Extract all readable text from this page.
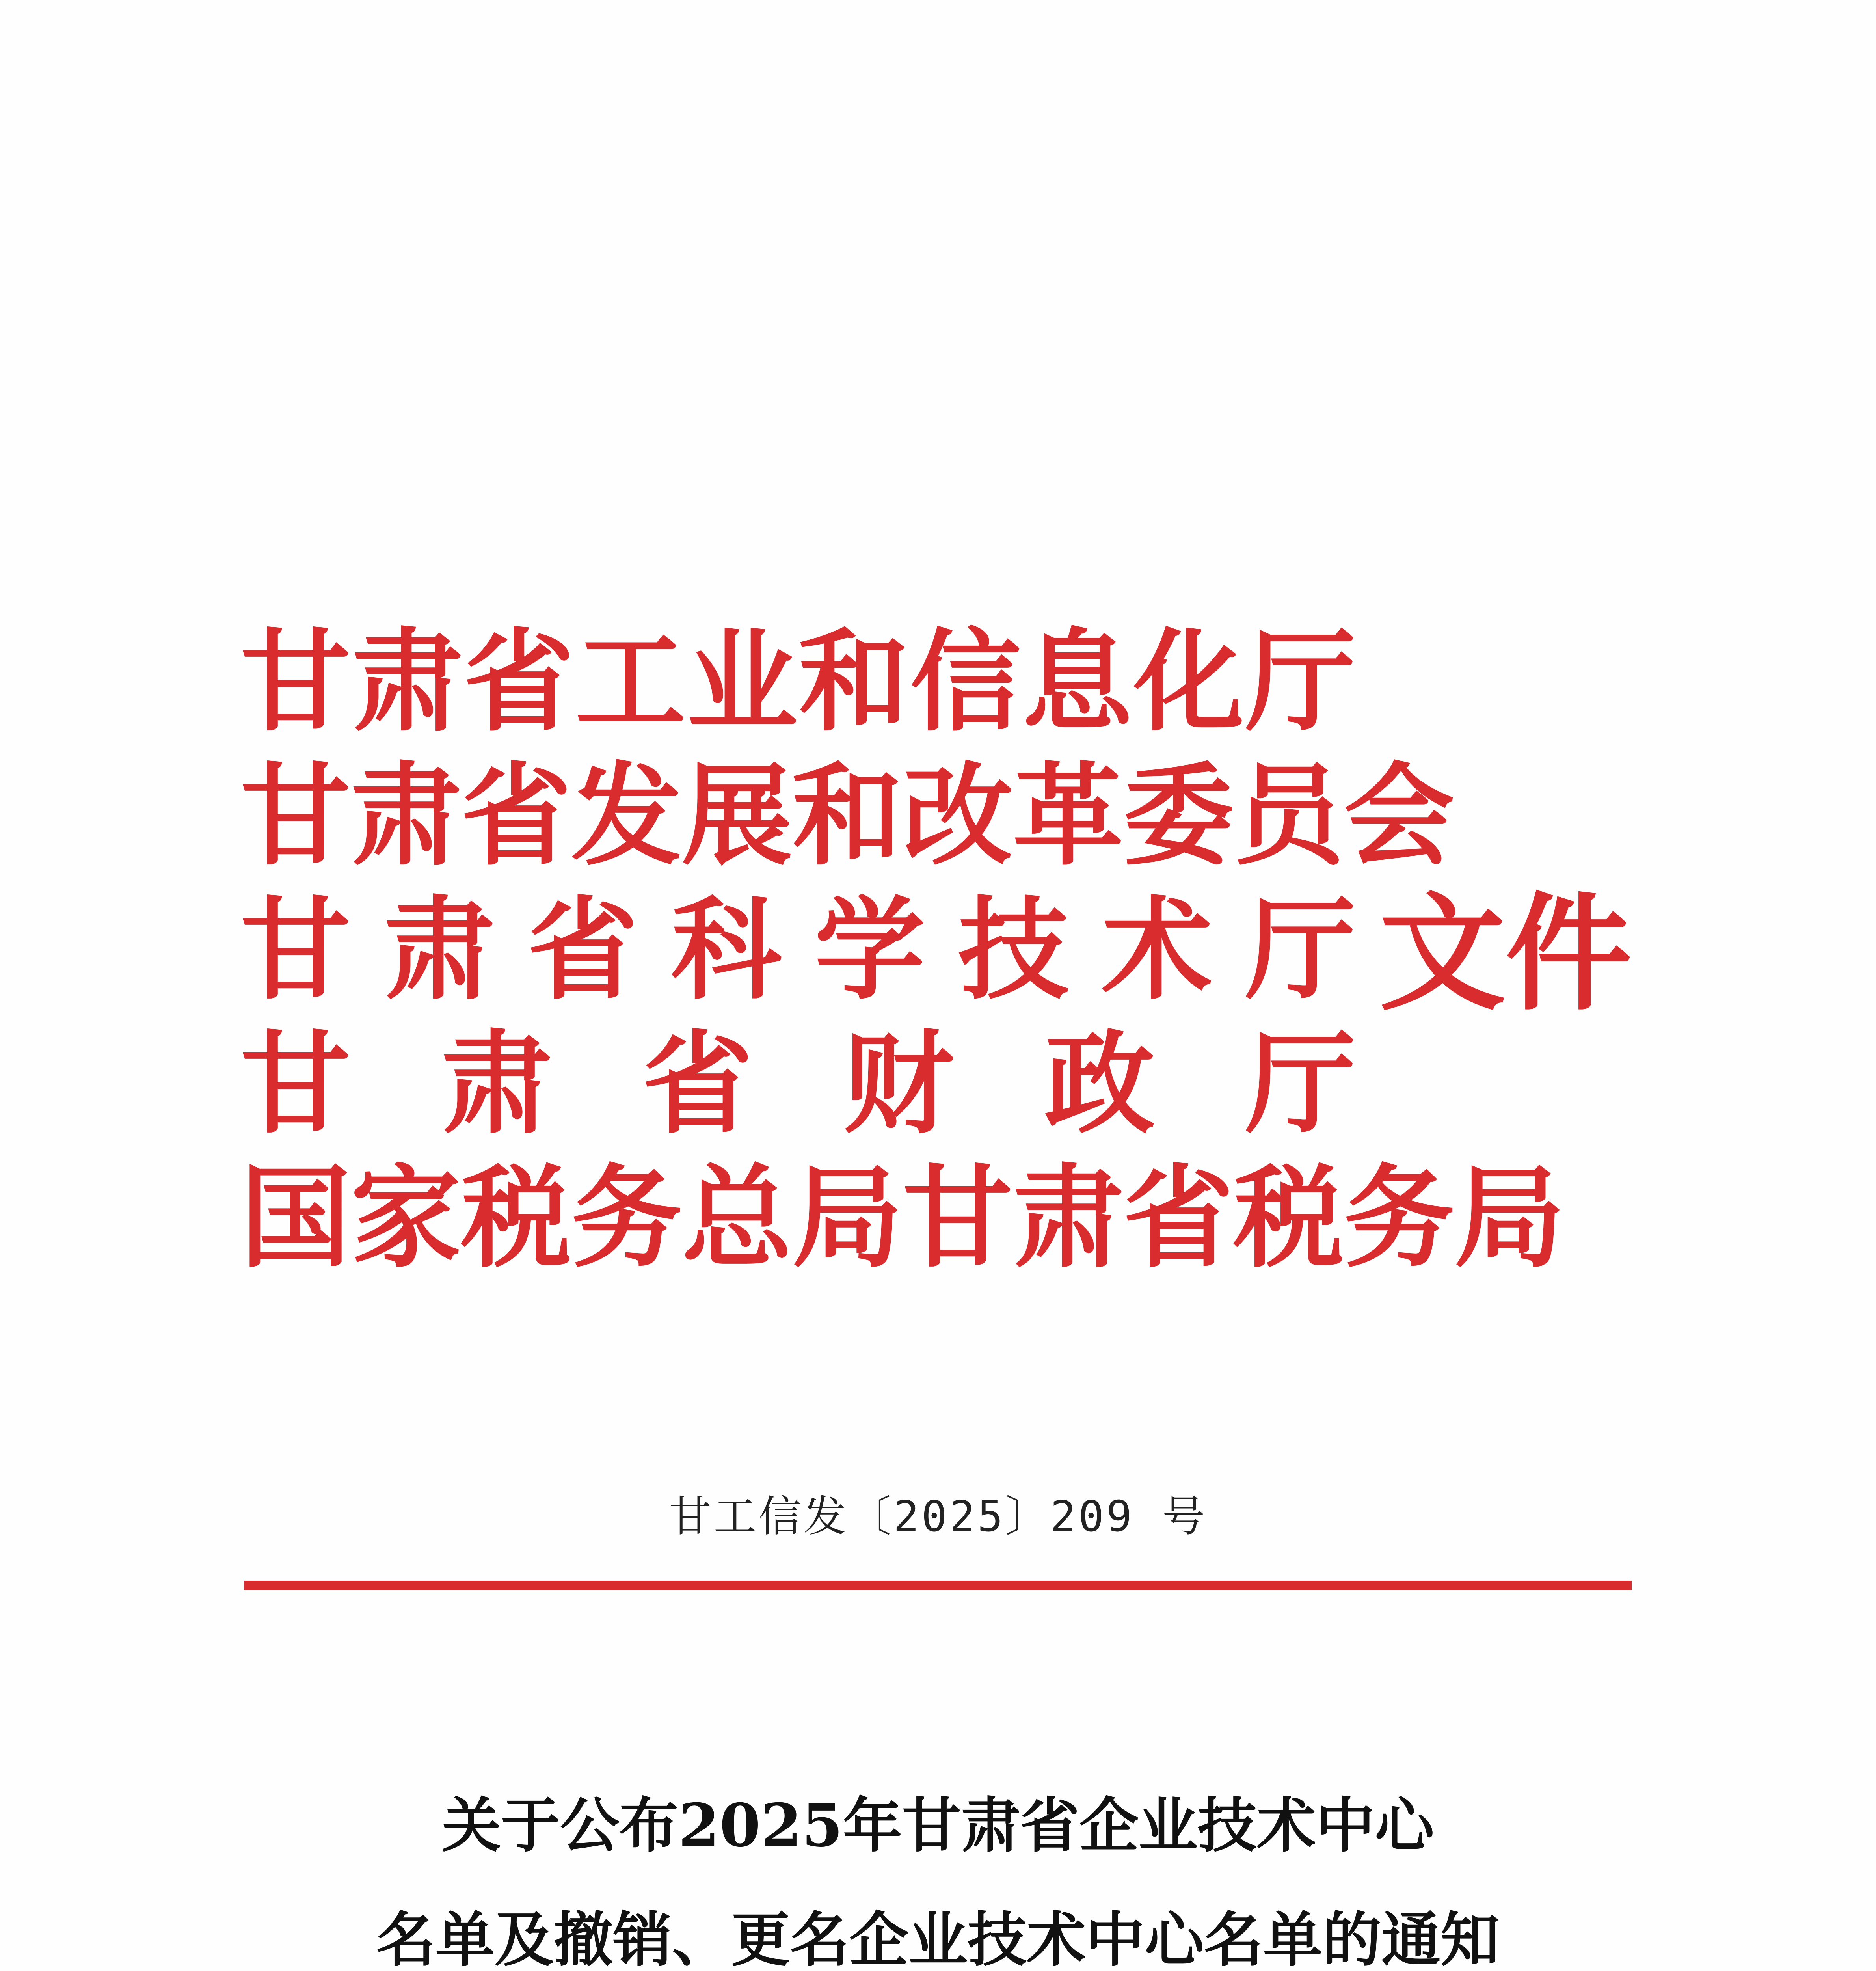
甘 肃 省 工 业 和 信 息 化 厅
甘 肃 省 发 展 和 改 革 委 员 会
甘 肃 省 科 学 技 术 厅
甘 肃 省 财 政 厅
国 家 税 务 总 局 甘 肃 省 税 务 局
文件
甘工信发〔2025〕209 号
关于公布2025年甘肃省企业技术中心
名单及撤销、更名企业技术中心名单的通知
